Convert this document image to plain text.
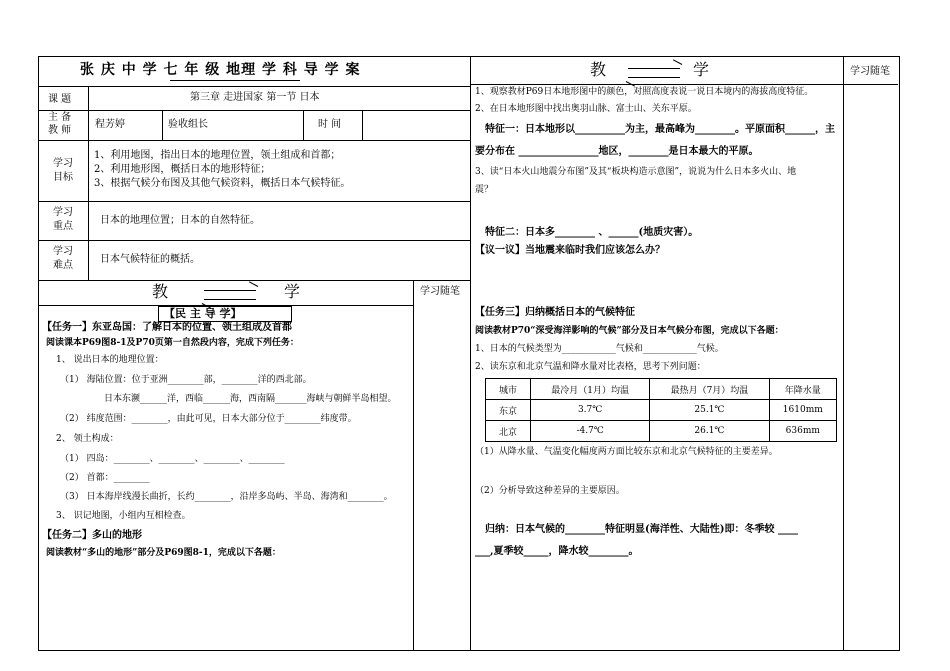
张 庆 中 学 七 年 级 地理 学 科 导 学 案
课 题	第三章 走进国家 第一节 日本
主 备
教 师
程芳婷	验收组长	时 间
学习
目标
1、利用地图，指出日本的地理位置，领土组成和首都；
2、利用地形图，概括日本的地形特征；
3、根据气候分布图及其他气候资料，概括日本气候特征。
学习
重点
日本的地理位置；日本的自然特征。
学习
难点
日本气候特征的概括。
教	学	学习随笔
【民 主 导 学】
【任务一】东亚岛国：了解日本的位置、领土组成及首都
阅读课本P69图8-1及P70页第一自然段内容，完成下列任务：
1、 说出日本的地理位置：
（1） 海陆位置：位于亚洲________部，________洋的西北部。
日本东濒______洋，西临______海，西南隔_______海峡与朝鲜半岛相望。
（2） 纬度范围：________，由此可见，日本大部分位于________纬度带。
2、 领土构成：
（1） 四岛：________、________、________、________
（2） 首都：________
（3） 日本海岸线漫长曲折，长约________，沿岸多岛屿、半岛、海湾和________。
3、 识记地图，小组内互相检查。
【任务二】多山的地形
阅读教材“多山的地形”部分及P69图8-1，完成以下各题：
教	学	学习随笔
1、观察教材P69日本地形图中的颜色，对照高度表说一说日本境内的海拔高度特征。
2、在日本地形图中找出奥羽山脉、富士山、关东平原。
特征一：日本地形以__________为主，最高峰为________。平原面积______，主
要分布在 ________________地区，________是日本最大的平原。
3、读“日本火山地震分布图”及其“板块构造示意图”，说说为什么日本多火山、地
震？
特征二：日本多________ 、______(地质灾害）。
【议一议】当地震来临时我们应该怎么办？
【任务三】归纳概括日本的气候特征
阅读教材P70“深受海洋影响的气候”部分及日本气候分布图，完成以下各题：
1、日本的气候类型为____________气候和____________气候。
2、读东京和北京气温和降水量对比表格，思考下列问题：
城市	最冷月（1月）均温	最热月（7月）均温	年降水量
东京	3.7℃	25.1℃	1610mm
北京	-4.7℃	26.1℃	636mm
（1）从降水量、气温变化幅度两方面比较东京和北京气候特征的主要差异。
（2）分析导致这种差异的主要原因。
归纳：日本气候的________特征明显(海洋性、大陆性)即：冬季较 ____
___,夏季较_____，降水较________。
